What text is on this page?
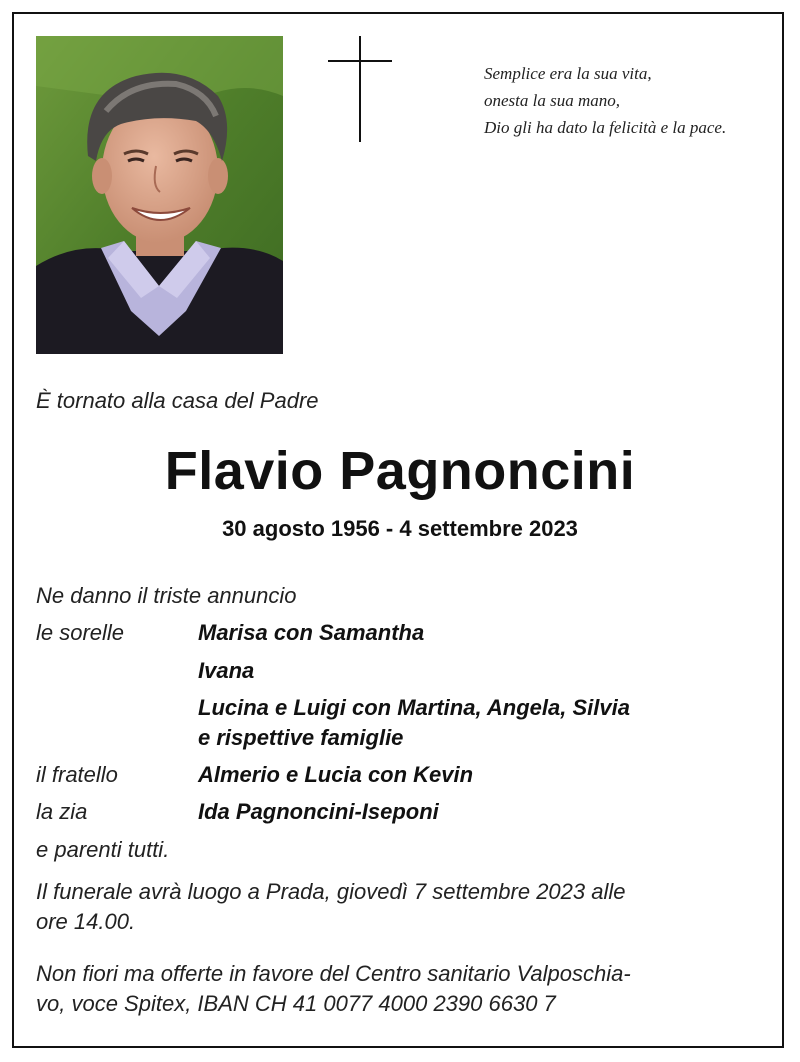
Semplice era la sua vita,
onesta la sua mano,
Dio gli ha dato la felicità e la pace.
È tornato alla casa del Padre
Flavio Pagnoncini
30 agosto 1956 - 4 settembre 2023
Ne danno il triste annuncio
le sorelle	Marisa con Samantha
Ivana
Lucina e Luigi con Martina, Angela, Silvia
e rispettive famiglie
il fratello	Almerio e Lucia con Kevin
la zia	Ida Pagnoncini-Iseponi
e parenti tutti.
Il funerale avrà luogo a Prada, giovedì 7 settembre 2023 alle
ore 14.00.
Non fiori ma offerte in favore del Centro sanitario Valposchia-
vo, voce Spitex, IBAN CH 41 0077 4000 2390 6630 7
